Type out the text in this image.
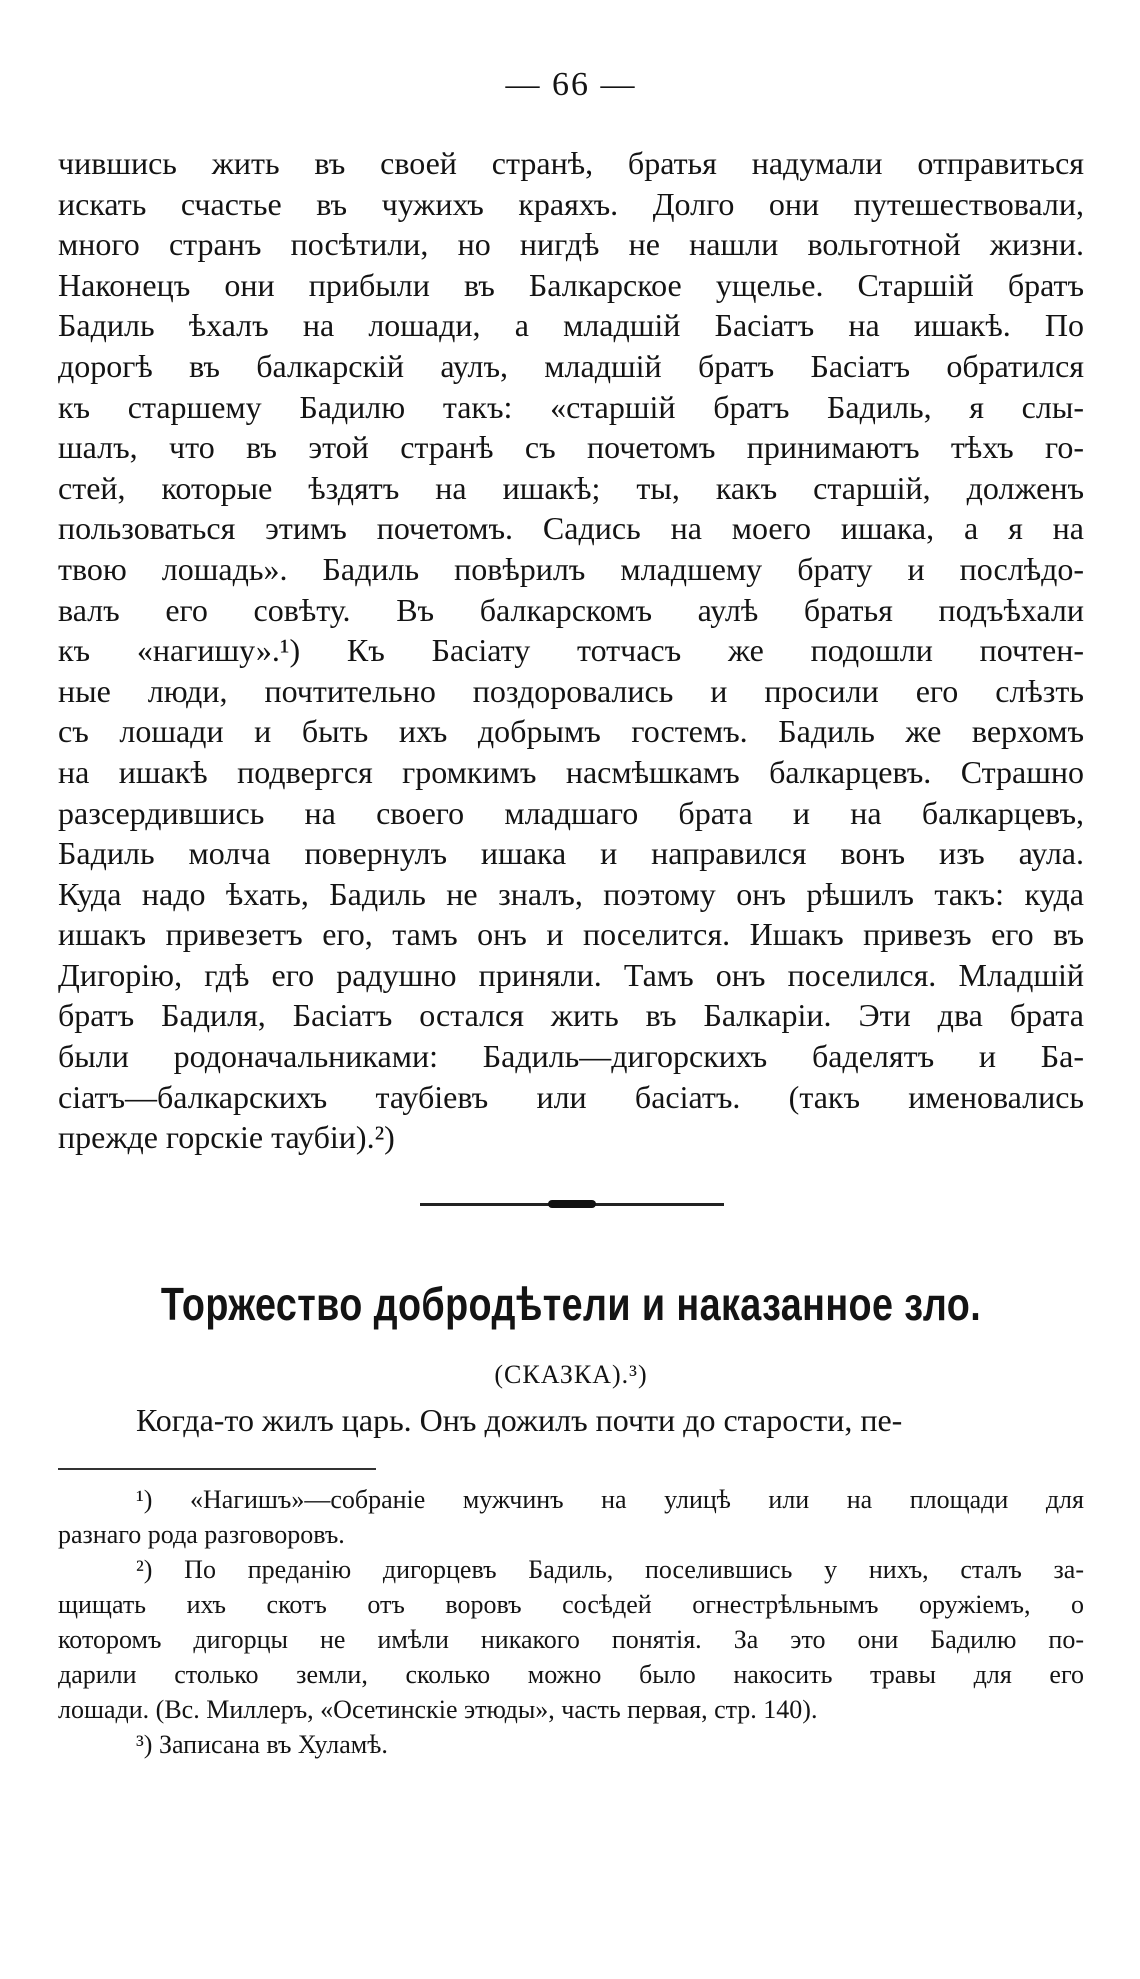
— 66 —
чившись жить въ своей странѣ, братья надумали отправиться
искать счастье въ чужихъ краяхъ. Долго они путешествовали,
много странъ посѣтили, но нигдѣ не нашли вольготной жизни.
Наконецъ они прибыли въ Балкарское ущелье. Старшій братъ
Бадиль ѣхалъ на лошади, а младшій Басіатъ на ишакѣ. По
дорогѣ въ балкарскій аулъ, младшій братъ Басіатъ обратился
къ старшему Бадилю такъ: «старшій братъ Бадиль, я слы-
шалъ, что въ этой странѣ съ почетомъ принимаютъ тѣхъ го-
стей, которые ѣздятъ на ишакѣ; ты, какъ старшій, долженъ
пользоваться этимъ почетомъ. Садись на моего ишака, а я на
твою лошадь». Бадиль повѣрилъ младшему брату и послѣдо-
валъ его совѣту. Въ балкарскомъ аулѣ братья подъѣхали
къ «нагишу».¹) Къ Басіату тотчасъ же подошли почтен-
ные люди, почтительно поздоровались и просили его слѣзть
съ лошади и быть ихъ добрымъ гостемъ. Бадиль же верхомъ
на ишакѣ подвергся громкимъ насмѣшкамъ балкарцевъ. Страшно
разсердившись на своего младшаго брата и на балкарцевъ,
Бадиль молча повернулъ ишака и направился вонъ изъ аула.
Куда надо ѣхать, Бадиль не зналъ, поэтому онъ рѣшилъ такъ: куда
ишакъ привезетъ его, тамъ онъ и поселится. Ишакъ привезъ его въ
Дигорію, гдѣ его радушно приняли. Тамъ онъ поселился. Младшій
братъ Бадиля, Басіатъ остался жить въ Балкаріи. Эти два брата
были родоначальниками: Бадиль—дигорскихъ баделятъ и Ба-
сіатъ—балкарскихъ таубіевъ или басіатъ. (такъ именовались
прежде горскіе таубіи).²)
Торжество добродѣтели и наказанное зло.
(СКАЗКА).³)
Когда-то жилъ царь. Онъ дожилъ почти до старости, пе-
¹) «Нагишъ»—собраніе мужчинъ на улицѣ или на площади для
разнаго рода разговоровъ.
²) По преданію дигорцевъ Бадиль, поселившись у нихъ, сталъ за-
щищать ихъ скотъ отъ воровъ сосѣдей огнестрѣльнымъ оружіемъ, о
которомъ дигорцы не имѣли никакого понятія. За это они Бадилю по-
дарили столько земли, сколько можно было накосить травы для его
лошади. (Вс. Миллеръ, «Осетинскіе этюды», часть первая, стр. 140).
³) Записана въ Хуламѣ.
